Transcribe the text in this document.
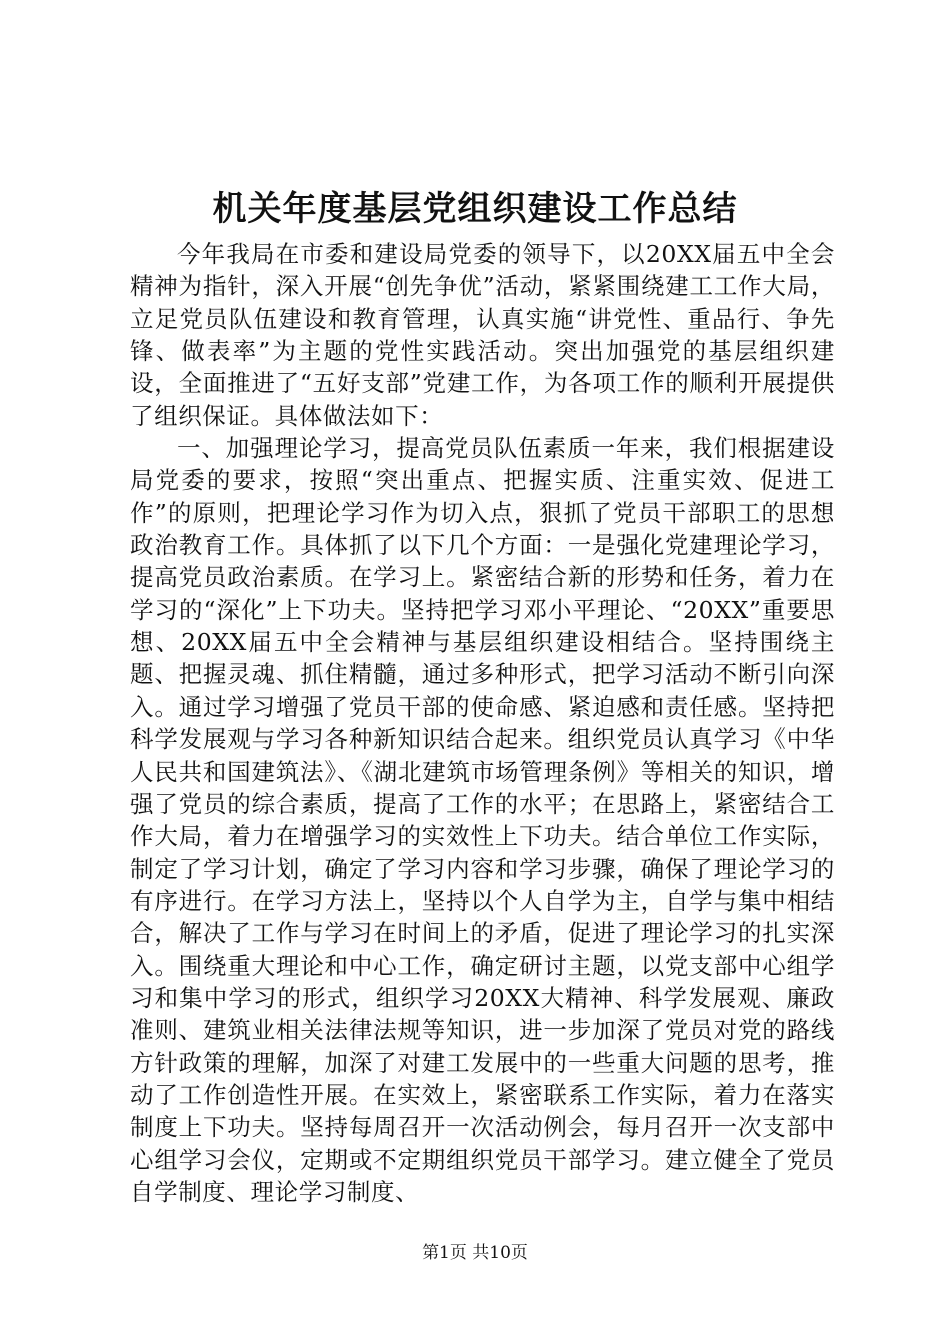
机关年度基层党组织建设工作总结

今年我局在市委和建设局党委的领导下，以20XX届五中全会精神为指针，深入开展“创先争优”活动，紧紧围绕建工工作大局，立足党员队伍建设和教育管理，认真实施“讲党性、重品行、争先锋、做表率”为主题的党性实践活动。突出加强党的基层组织建设，全面推进了“五好支部”党建工作，为各项工作的顺利开展提供了组织保证。具体做法如下：

一、加强理论学习，提高党员队伍素质一年来，我们根据建设局党委的要求，按照“突出重点、把握实质、注重实效、促进工作”的原则，把理论学习作为切入点，狠抓了党员干部职工的思想政治教育工作。具体抓了以下几个方面：一是强化党建理论学习，提高党员政治素质。在学习上。紧密结合新的形势和任务，着力在学习的“深化”上下功夫。坚持把学习邓小平理论、“20XX”重要思想、20XX届五中全会精神与基层组织建设相结合。坚持围绕主题、把握灵魂、抓住精髓，通过多种形式，把学习活动不断引向深入。通过学习增强了党员干部的使命感、紧迫感和责任感。坚持把科学发展观与学习各种新知识结合起来。组织党员认真学习《中华人民共和国建筑法》、《湖北建筑市场管理条例》等相关的知识，增强了党员的综合素质，提高了工作的水平；在思路上，紧密结合工作大局，着力在增强学习的实效性上下功夫。结合单位工作实际，制定了学习计划，确定了学习内容和学习步骤，确保了理论学习的有序进行。在学习方法上，坚持以个人自学为主，自学与集中相结合，解决了工作与学习在时间上的矛盾，促进了理论学习的扎实深入。围绕重大理论和中心工作，确定研讨主题，以党支部中心组学习和集中学习的形式，组织学习20XX大精神、科学发展观、廉政准则、建筑业相关法律法规等知识，进一步加深了党员对党的路线方针政策的理解，加深了对建工发展中的一些重大问题的思考，推动了工作创造性开展。在实效上，紧密联系工作实际，着力在落实制度上下功夫。坚持每周召开一次活动例会，每月召开一次支部中心组学习会仪，定期或不定期组织党员干部学习。建立健全了党员自学制度、理论学习制度、

第1页 共10页
